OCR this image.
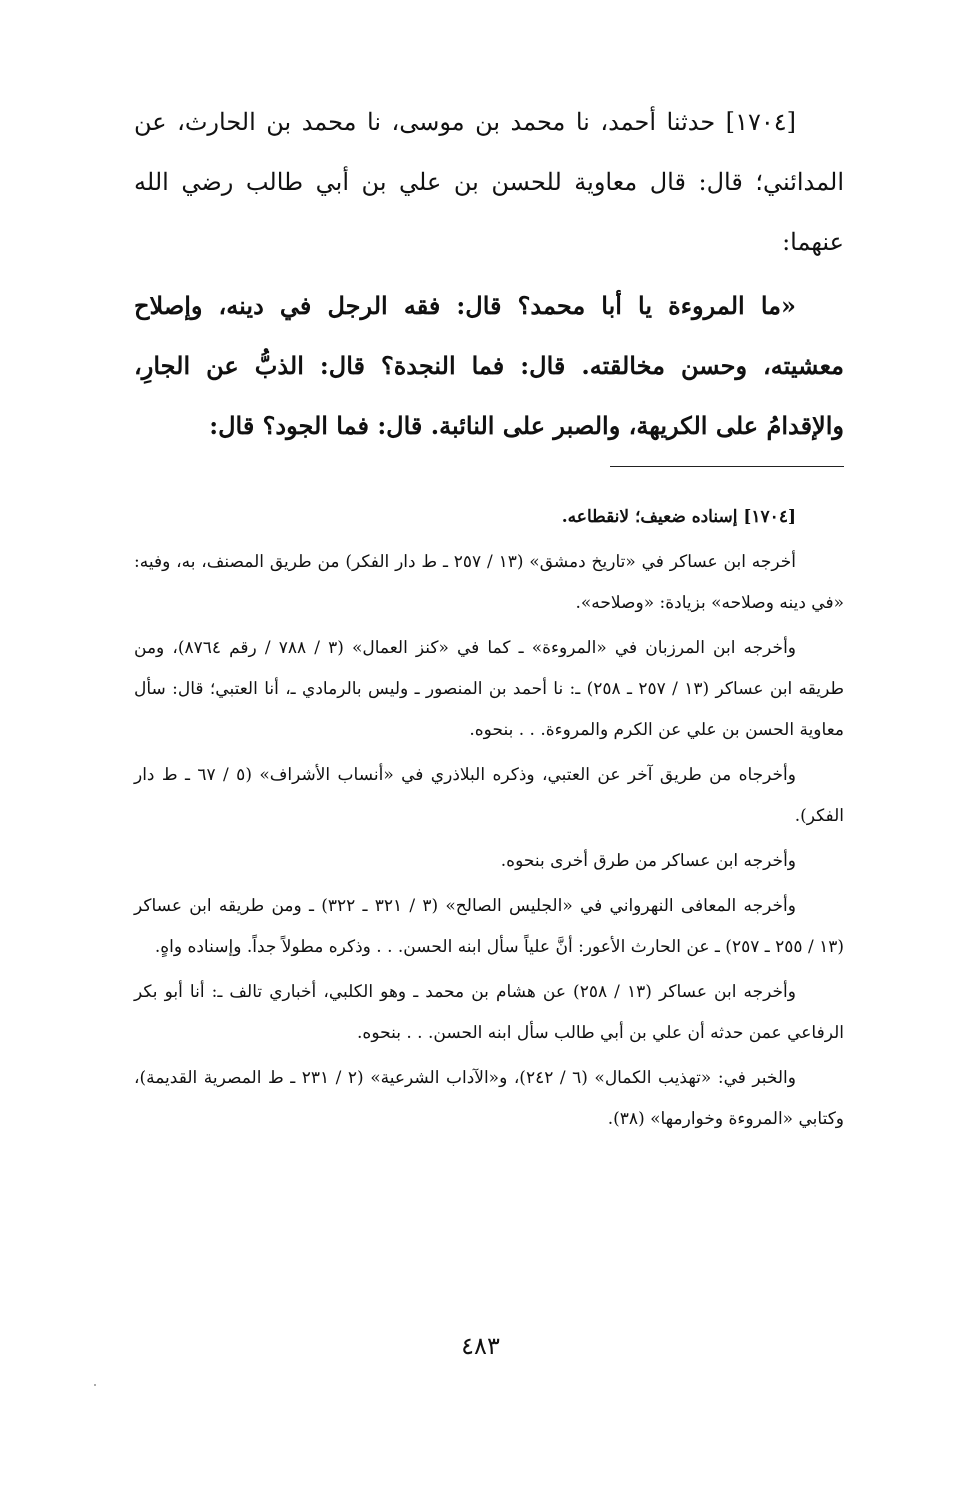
[١٧٠٤] حدثنا أحمد، نا محمد بن موسى، نا محمد بن الحارث، عن المدائني؛ قال: قال معاوية للحسن بن علي بن أبي طالب رضي الله عنهما:

«ما المروءة يا أبا محمد؟ قال: فقه الرجل في دينه، وإصلاح معشيته، وحسن مخالقته. قال: فما النجدة؟ قال: الذبُّ عن الجارِ، والإقدامُ على الكريهة، والصبر على النائبة. قال: فما الجود؟ قال:

[١٧٠٤] إسناده ضعيف؛ لانقطاعه.

أخرجه ابن عساكر في «تاريخ دمشق» (١٣ / ٢٥٧ ـ ط دار الفكر) من طريق المصنف، به، وفيه: «في دينه وصلاحه» بزيادة: «وصلاحه».

وأخرجه ابن المرزبان في «المروءة» ـ كما في «كنز العمال» (٣ / ٧٨٨ / رقم ٨٧٦٤)، ومن طريقه ابن عساكر (١٣ / ٢٥٧ ـ ٢٥٨) ـ: نا أحمد بن المنصور ـ وليس بالرمادي ـ، أنا العتبي؛ قال: سأل معاوية الحسن بن علي عن الكرم والمروءة. . . بنحوه.

وأخرجاه من طريق آخر عن العتبي، وذكره البلاذري في «أنساب الأشراف» (٥ / ٦٧ ـ ط دار الفكر).

وأخرجه ابن عساكر من طرق أخرى بنحوه.

وأخرجه المعافى النهرواني في «الجليس الصالح» (٣ / ٣٢١ ـ ٣٢٢) ـ ومن طريقه ابن عساكر (١٣ / ٢٥٥ ـ ٢٥٧) ـ عن الحارث الأعور: أنَّ علياً سأل ابنه الحسن. . . وذكره مطولاً جداً. وإسناده واهٍ.

وأخرجه ابن عساكر (١٣ / ٢٥٨) عن هشام بن محمد ـ وهو الكلبي، أخباري تالف ـ: أنا أبو بكر الرفاعي عمن حدثه أن علي بن أبي طالب سأل ابنه الحسن. . . بنحوه.

والخبر في: «تهذيب الكمال» (٦ / ٢٤٢)، و«الآداب الشرعية» (٢ / ٢٣١ ـ ط المصرية القديمة)، وكتابي «المروءة وخوارمها» (٣٨).

٤٨٣
